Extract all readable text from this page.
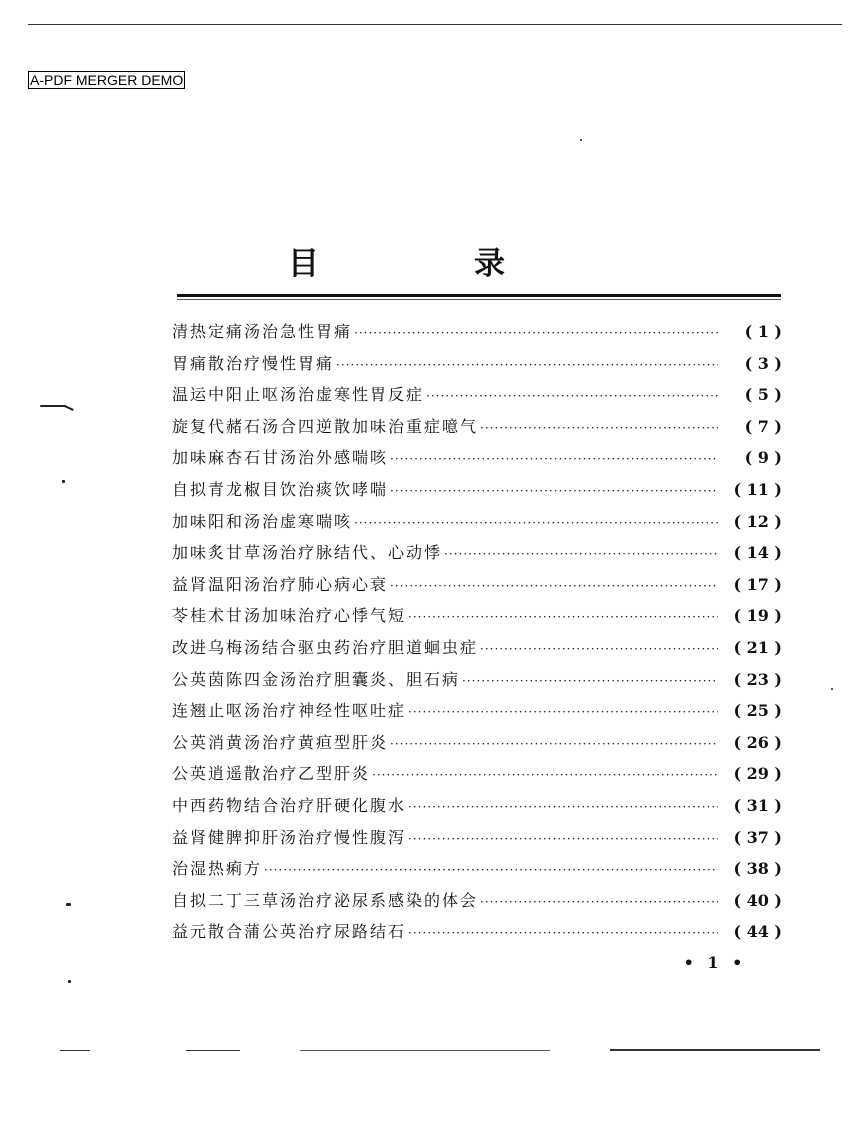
A-PDF MERGER DEMO
目　录
清热定痛汤治急性胃痛 ·····	( 1 )
胃痛散治疗慢性胃痛 ·····	( 3 )
温运中阳止呕汤治虚寒性胃反症 ·····	( 5 )
旋复代赭石汤合四逆散加味治重症噫气 ·····	( 7 )
加味麻杏石甘汤治外感喘咳 ·····	( 9 )
自拟青龙椒目饮治痰饮哮喘 ·····	( 11 )
加味阳和汤治虚寒喘咳 ·····	( 12 )
加味炙甘草汤治疗脉结代、心动悸 ·····	( 14 )
益肾温阳汤治疗肺心病心衰 ·····	( 17 )
苓桂术甘汤加味治疗心悸气短 ·····	( 19 )
改进乌梅汤结合驱虫药治疗胆道蛔虫症 ·····	( 21 )
公英茵陈四金汤治疗胆囊炎、胆石病 ·····	( 23 )
连翘止呕汤治疗神经性呕吐症 ·····	( 25 )
公英消黄汤治疗黄疸型肝炎 ·····	( 26 )
公英逍遥散治疗乙型肝炎 ·····	( 29 )
中西药物结合治疗肝硬化腹水 ·····	( 31 )
益肾健脾抑肝汤治疗慢性腹泻 ·····	( 37 )
治湿热痢方 ·····	( 38 )
自拟二丁三草汤治疗泌尿系感染的体会 ·····	( 40 )
益元散合蒲公英治疗尿路结石 ·····	( 44 )
• 1 •
